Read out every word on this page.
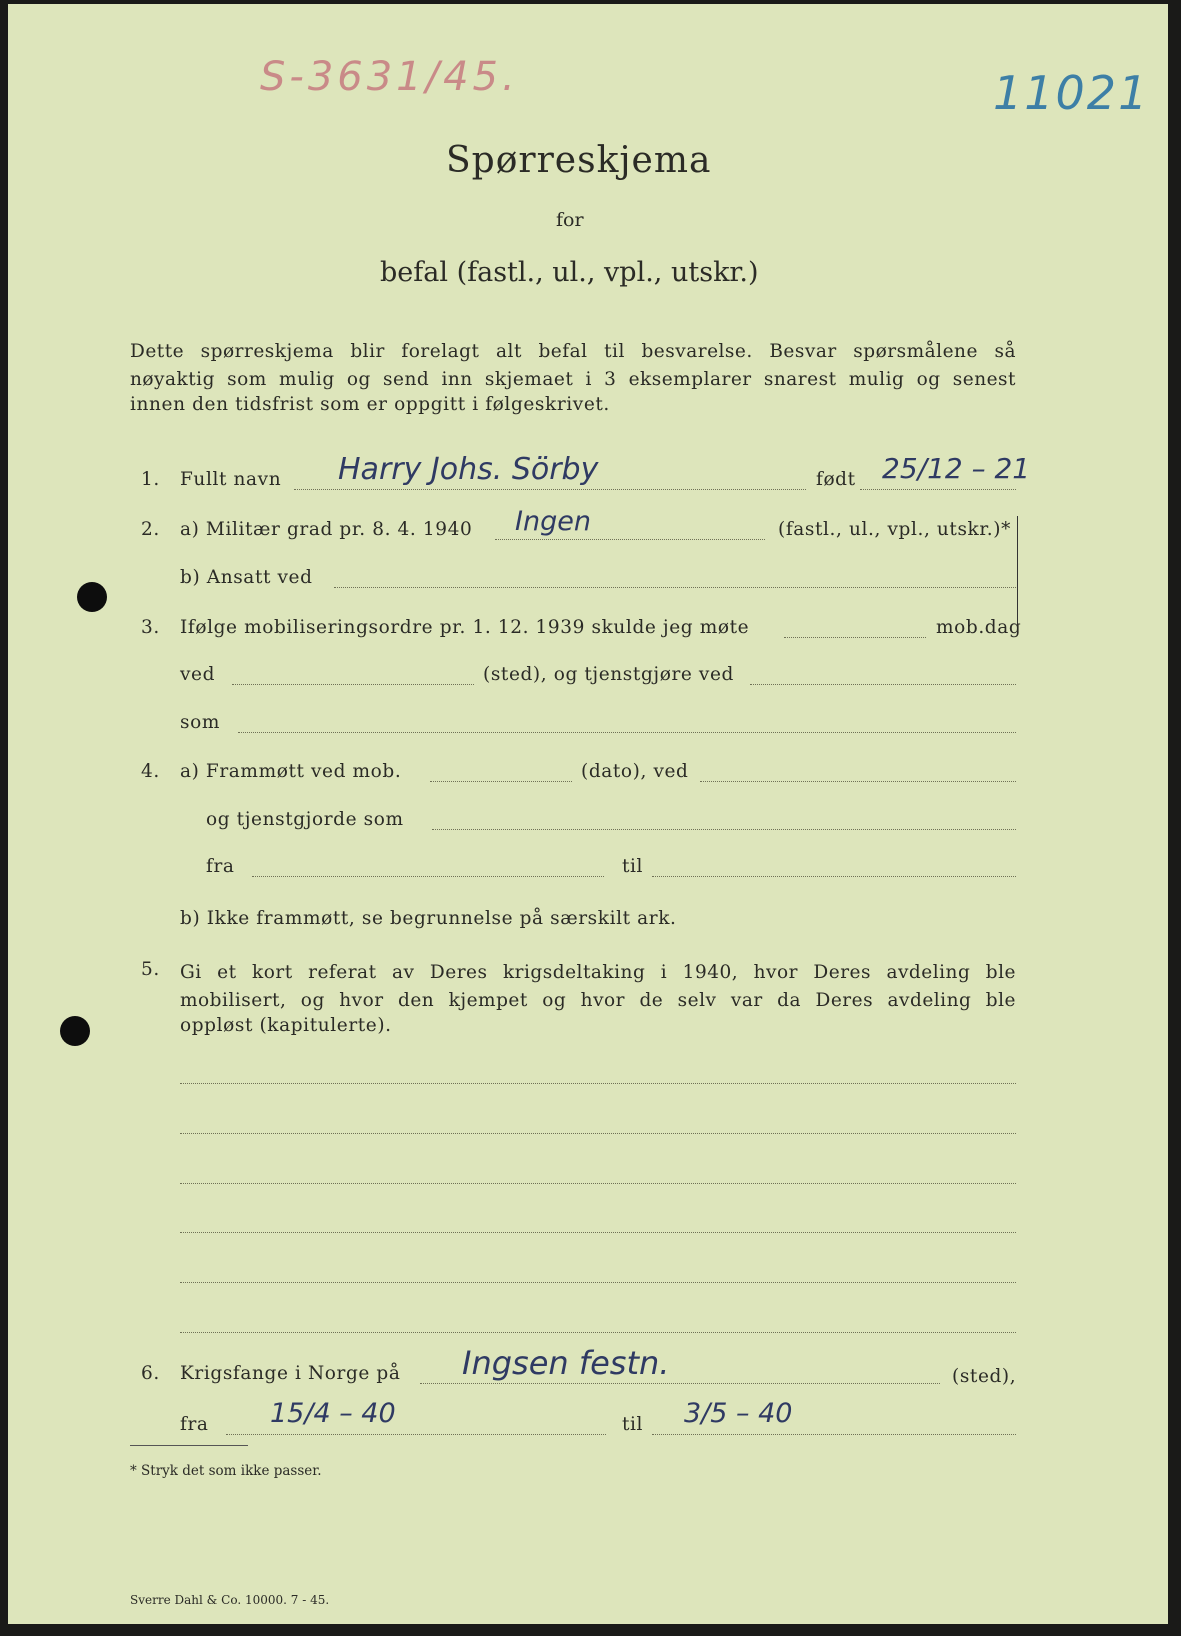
S-3631/45.	11021
Spørreskjema
for
befal (fastl., ul., vpl., utskr.)
Dette spørreskjema blir forelagt alt befal til besvarelse. Besvar spørsmålene så
nøyaktig som mulig og send inn skjemaet i 3 eksemplarer snarest mulig og senest
innen den tidsfrist som er oppgitt i følgeskrivet.
1. Fullt navn Harry Johs. Sörby	født 25/12 – 21
2. a) Militær grad pr. 8. 4. 1940 Ingen	(fastl., ul., vpl., utskr.)*
b) Ansatt ved
3. Ifølge mobiliseringsordre pr. 1. 12. 1939 skulde jeg møte	mob.dag
ved	(sted), og tjenstgjøre ved
som
4. a) Frammøtt ved mob.	(dato), ved
og tjenstgjorde som
fra	til
b) Ikke frammøtt, se begrunnelse på særskilt ark.
5. Gi et kort referat av Deres krigsdeltaking i 1940, hvor Deres avdeling ble
mobilisert, og hvor den kjempet og hvor de selv var da Deres avdeling ble
oppløst (kapitulerte).
6. Krigsfange i Norge på Ingsen festn.	(sted),
fra 15/4 – 40	til 3/5 – 40
* Stryk det som ikke passer.
Sverre Dahl & Co. 10000. 7 - 45.
